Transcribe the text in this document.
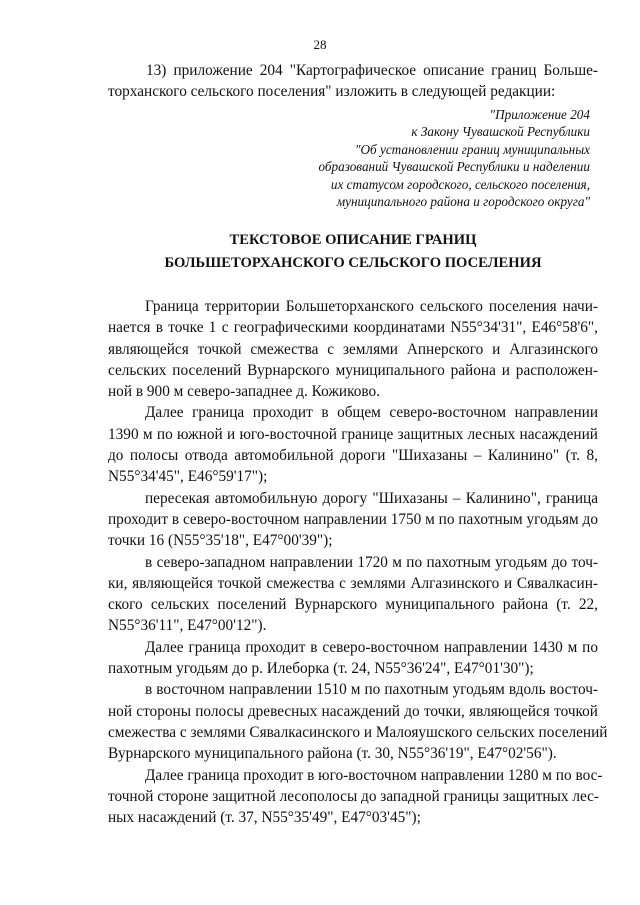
28

13) приложение 204 "Картографическое описание границ Большe-
торханского сельского поселения" изложить в следующей редакции:

"Приложение 204
к Закону Чувашской Республики
"Об установлении границ муниципальных
образований Чувашской Республики и наделении
их статусом городского, сельского поселения,
муниципального района и городского округа"
ТЕКСТОВОЕ ОПИСАНИЕ ГРАНИЦ
БОЛЬШЕТОРХАНСКОГО СЕЛЬСКОГО ПОСЕЛЕНИЯ

Граница территории Большеторханского сельского поселения начи-
нается в точке 1 с географическими координатами N55°34'31", E46°58'6",
являющейся точкой смежества с землями Апнерского и Алгазинского
сельских поселений Вурнарского муниципального района и расположен-
ной в 900 м северо-западнее д. Кожиково.

Далее граница проходит в общем северо-восточном направлении
1390 м по южной и юго-восточной границе защитных лесных насаждений
до полосы отвода автомобильной дороги "Шихазаны – Калинино" (т. 8,
N55°34'45", E46°59'17");

пересекая автомобильную дорогу "Шихазаны – Калинино", граница
проходит в северо-восточном направлении 1750 м по пахотным угодьям до
точки 16 (N55°35'18", E47°00'39");

в северо-западном направлении 1720 м по пахотным угодьям до точ-
ки, являющейся точкой смежества с землями Алгазинского и Сявалкасин-
ского сельских поселений Вурнарского муниципального района (т. 22,
N55°36'11", E47°00'12").

Далее граница проходит в северо-восточном направлении 1430 м по
пахотным угодьям до р. Илеборка (т. 24, N55°36'24", E47°01'30");

в восточном направлении 1510 м по пахотным угодьям вдоль восточ-
ной стороны полосы древесных насаждений до точки, являющейся точкой
смежества с землями Сявалкасинского и Малояушского сельских поселений
Вурнарского муниципального района (т. 30, N55°36'19", E47°02'56").

Далее граница проходит в юго-восточном направлении 1280 м по вос-
точной стороне защитной лесополосы до западной границы защитных лес-
ных насаждений (т. 37, N55°35'49", E47°03'45");
